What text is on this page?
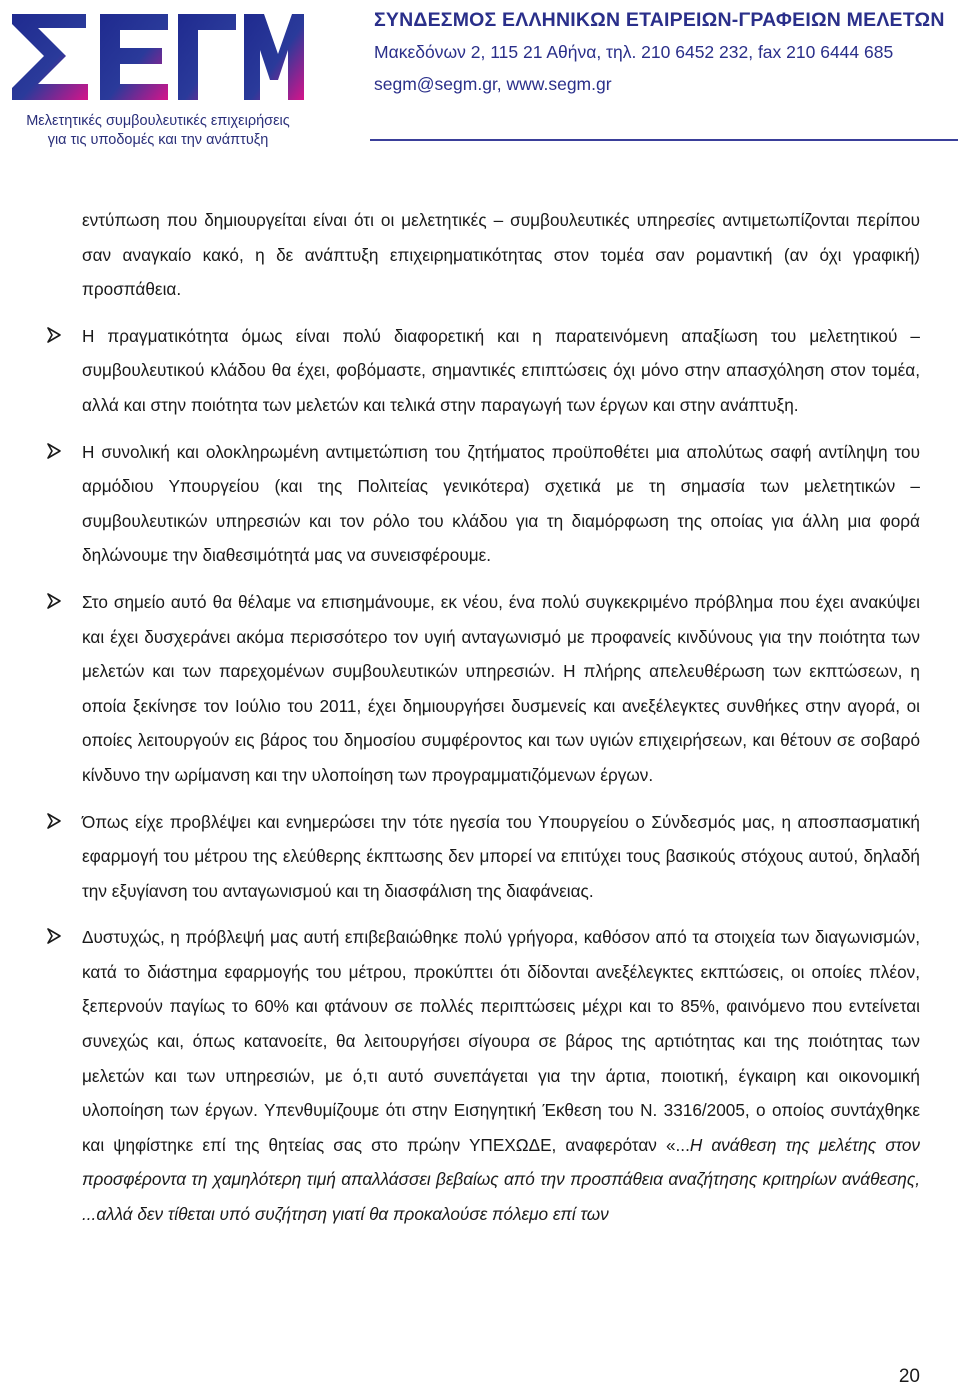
Μελετητικές συμβουλευτικές επιχειρήσεις
για τις υποδομές και την ανάπτυξη
ΣΥΝΔΕΣΜΟΣ ΕΛΛΗΝΙΚΩΝ ΕΤΑΙΡΕΙΩΝ-ΓΡΑΦΕΙΩΝ ΜΕΛΕΤΩΝ
Μακεδόνων 2, 115 21 Αθήνα, τηλ. 210 6452 232, fax 210 6444 685
segm@segm.gr, www.segm.gr

εντύπωση που δημιουργείται είναι ότι οι μελετητικές – συμβουλευτικές υπηρεσίες αντιμετωπίζονται περίπου σαν αναγκαίο κακό, η δε ανάπτυξη επιχειρηματικότητας στον τομέα σαν ρομαντική (αν όχι γραφική) προσπάθεια.

Η πραγματικότητα όμως είναι πολύ διαφορετική και η παρατεινόμενη απαξίωση του μελετητικού – συμβουλευτικού κλάδου θα έχει, φοβόμαστε, σημαντικές επιπτώσεις όχι μόνο στην απασχόληση στον τομέα, αλλά και στην ποιότητα των μελετών και τελικά στην παραγωγή των έργων και στην ανάπτυξη.

Η συνολική και ολοκληρωμένη αντιμετώπιση του ζητήματος προϋποθέτει μια απολύτως σαφή αντίληψη του αρμόδιου Υπουργείου (και της Πολιτείας γενικότερα) σχετικά με τη σημασία των μελετητικών – συμβουλευτικών υπηρεσιών και τον ρόλο του κλάδου για τη διαμόρφωση της οποίας για άλλη μια φορά δηλώνουμε την διαθεσιμότητά μας να συνεισφέρουμε.

Στο σημείο αυτό θα θέλαμε να επισημάνουμε, εκ νέου, ένα πολύ συγκεκριμένο πρόβλημα που έχει ανακύψει και έχει δυσχεράνει ακόμα περισσότερο τον υγιή ανταγωνισμό με προφανείς κινδύνους για την ποιότητα των μελετών και των παρεχομένων συμβουλευτικών υπηρεσιών. Η πλήρης απελευθέρωση των εκπτώσεων, η οποία ξεκίνησε τον Ιούλιο του 2011, έχει δημιουργήσει δυσμενείς και ανεξέλεγκτες συνθήκες στην αγορά, οι οποίες λειτουργούν εις βάρος του δημοσίου συμφέροντος και των υγιών επιχειρήσεων, και θέτουν σε σοβαρό κίνδυνο την ωρίμανση και την υλοποίηση των προγραμματιζόμενων έργων.

Όπως είχε προβλέψει και ενημερώσει την τότε ηγεσία του Υπουργείου ο Σύνδεσμός μας, η αποσπασματική εφαρμογή του μέτρου της ελεύθερης έκπτωσης δεν μπορεί να επιτύχει τους βασικούς στόχους αυτού, δηλαδή την εξυγίανση του ανταγωνισμού και τη διασφάλιση της διαφάνειας.

Δυστυχώς, η πρόβλεψή μας αυτή επιβεβαιώθηκε πολύ γρήγορα, καθόσον από τα στοιχεία των διαγωνισμών, κατά το διάστημα εφαρμογής του μέτρου, προκύπτει ότι δίδονται ανεξέλεγκτες εκπτώσεις, οι οποίες πλέον, ξεπερνούν παγίως το 60% και φτάνουν σε πολλές περιπτώσεις μέχρι και το 85%, φαινόμενο που εντείνεται συνεχώς και, όπως κατανοείτε, θα λειτουργήσει σίγουρα σε βάρος της αρτιότητας και της ποιότητας των μελετών και των υπηρεσιών, με ό,τι αυτό συνεπάγεται για την άρτια, ποιοτική, έγκαιρη και οικονομική υλοποίηση των έργων. Υπενθυμίζουμε ότι στην Εισηγητική Έκθεση του Ν. 3316/2005, ο οποίος συντάχθηκε και ψηφίστηκε επί της θητείας σας στο πρώην ΥΠΕΧΩΔΕ, αναφερόταν «...Η ανάθεση της μελέτης στον προσφέροντα τη χαμηλότερη τιμή απαλλάσσει βεβαίως από την προσπάθεια αναζήτησης κριτηρίων ανάθεσης, ...αλλά δεν τίθεται υπό συζήτηση γιατί θα προκαλούσε πόλεμο επί των

20
